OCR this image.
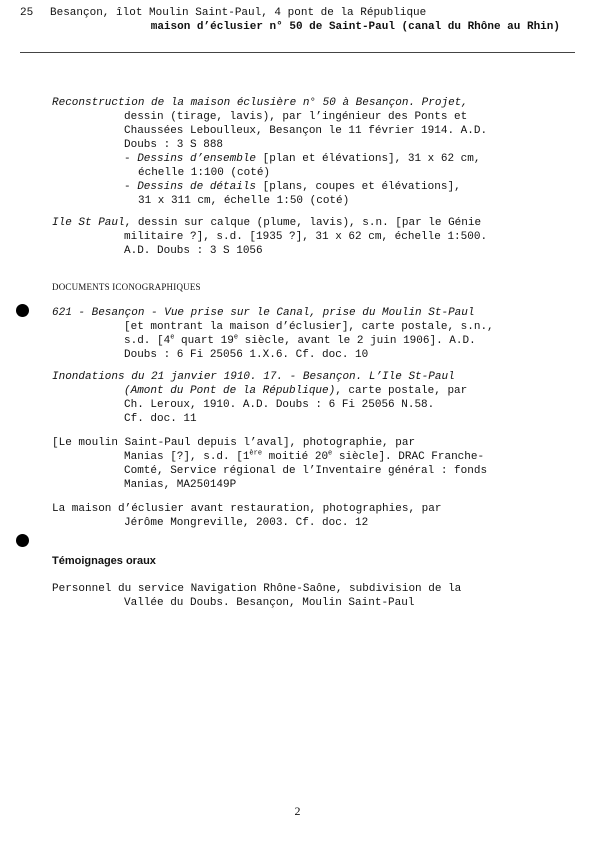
25 Besançon, îlot Moulin Saint-Paul, 4 pont de la République

maison d’éclusier n° 50 de Saint-Paul (canal du Rhône au Rhin)

Reconstruction de la maison éclusière n° 50 à Besançon. Projet,

dessin (tirage, lavis), par l’ingénieur des Ponts et

Chaussées Leboulleux, Besançon le 11 février 1914. A.D.

Doubs : 3 S 888

- Dessins d’ensemble [plan et élévations], 31 x 62 cm,

échelle 1:100 (coté)

- Dessins de détails [plans, coupes et élévations],

31 x 311 cm, échelle 1:50 (coté)

Ile St Paul, dessin sur calque (plume, lavis), s.n. [par le Génie

militaire ?], s.d. [1935 ?], 31 x 62 cm, échelle 1:500.

A.D. Doubs : 3 S 1056

DOCUMENTS ICONOGRAPHIQUES

621 - Besançon - Vue prise sur le Canal, prise du Moulin St-Paul

[et montrant la maison d’éclusier], carte postale, s.n.,

s.d. [4e quart 19e siècle, avant le 2 juin 1906]. A.D.

Doubs : 6 Fi 25056 1.X.6. Cf. doc. 10

Inondations du 21 janvier 1910. 17. - Besançon. L’Ile St-Paul

(Amont du Pont de la République), carte postale, par

Ch. Leroux, 1910. A.D. Doubs : 6 Fi 25056 N.58.

Cf. doc. 11

[Le moulin Saint-Paul depuis l’aval], photographie, par

Manias [?], s.d. [1ère moitié 20e siècle]. DRAC Franche-

Comté, Service régional de l’Inventaire général : fonds

Manias, MA250149P

La maison d’éclusier avant restauration, photographies, par

Jérôme Mongreville, 2003. Cf. doc. 12

Témoignages oraux

Personnel du service Navigation Rhône-Saône, subdivision de la

Vallée du Doubs. Besançon, Moulin Saint-Paul

2
